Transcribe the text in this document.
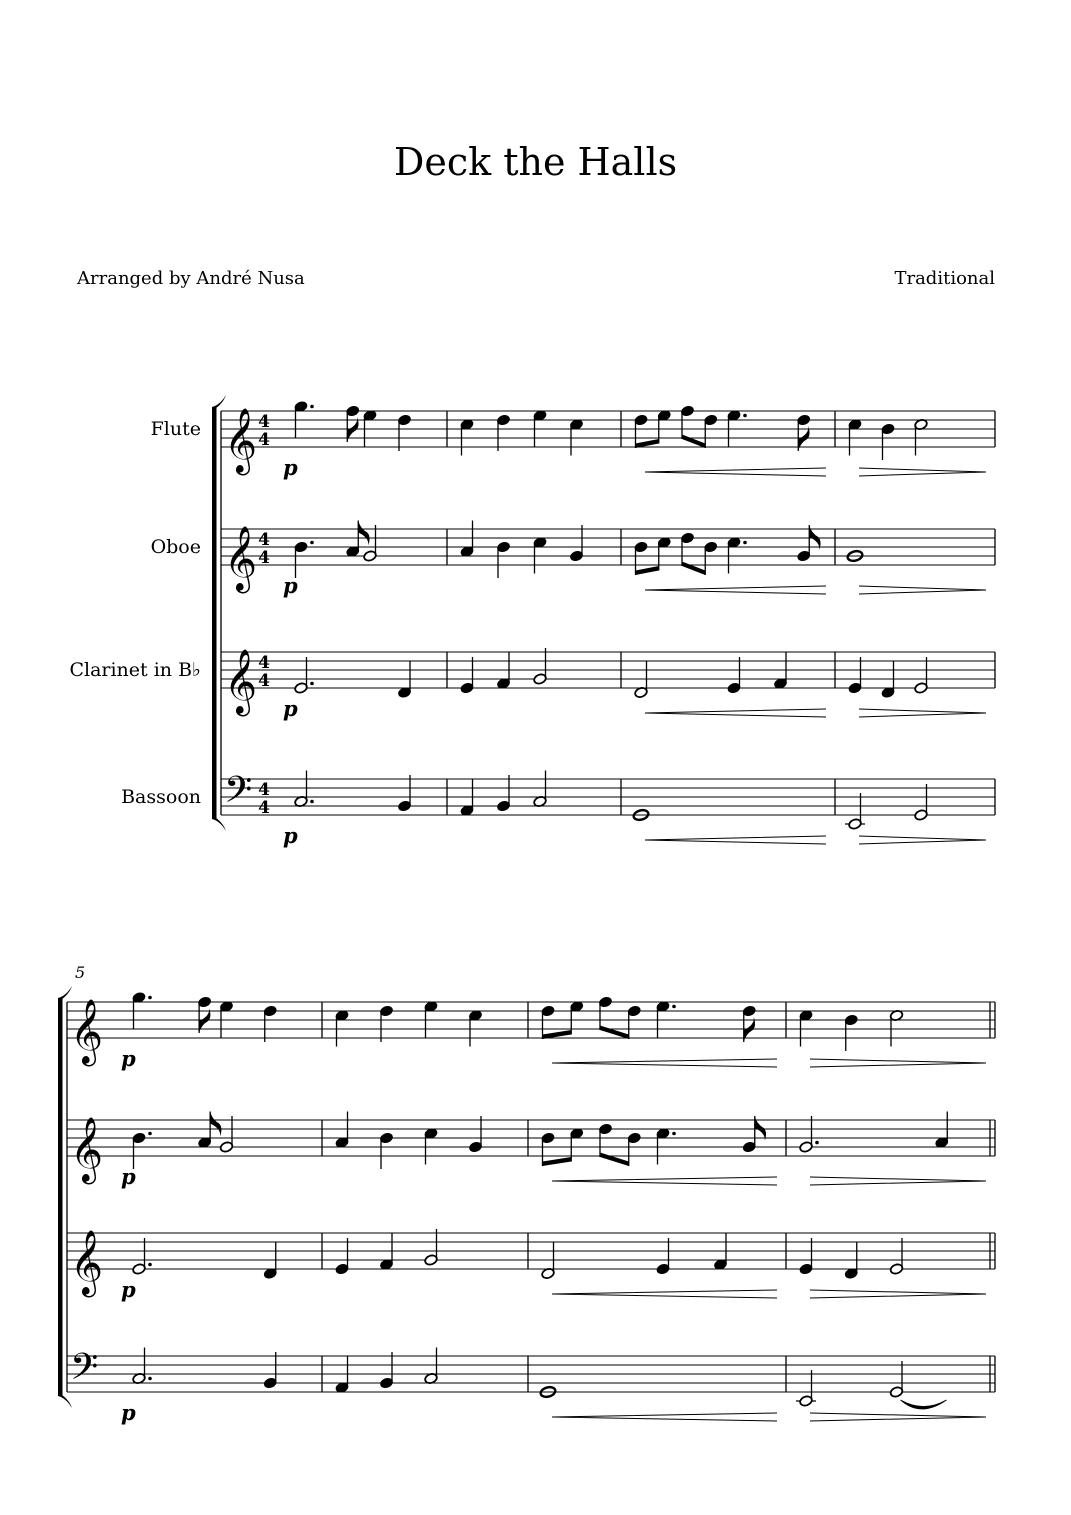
Deck the Halls
Arranged by André Nusa	Traditional
Flute 𝄞 4
4
p
Oboe 𝄞 4
4
p
Clarinet in B♭ 𝄞 4
4
p
Bassoon 𝄢 4
4
p
5
𝄞 p
𝄞 p
𝄞 p
𝄢
p
